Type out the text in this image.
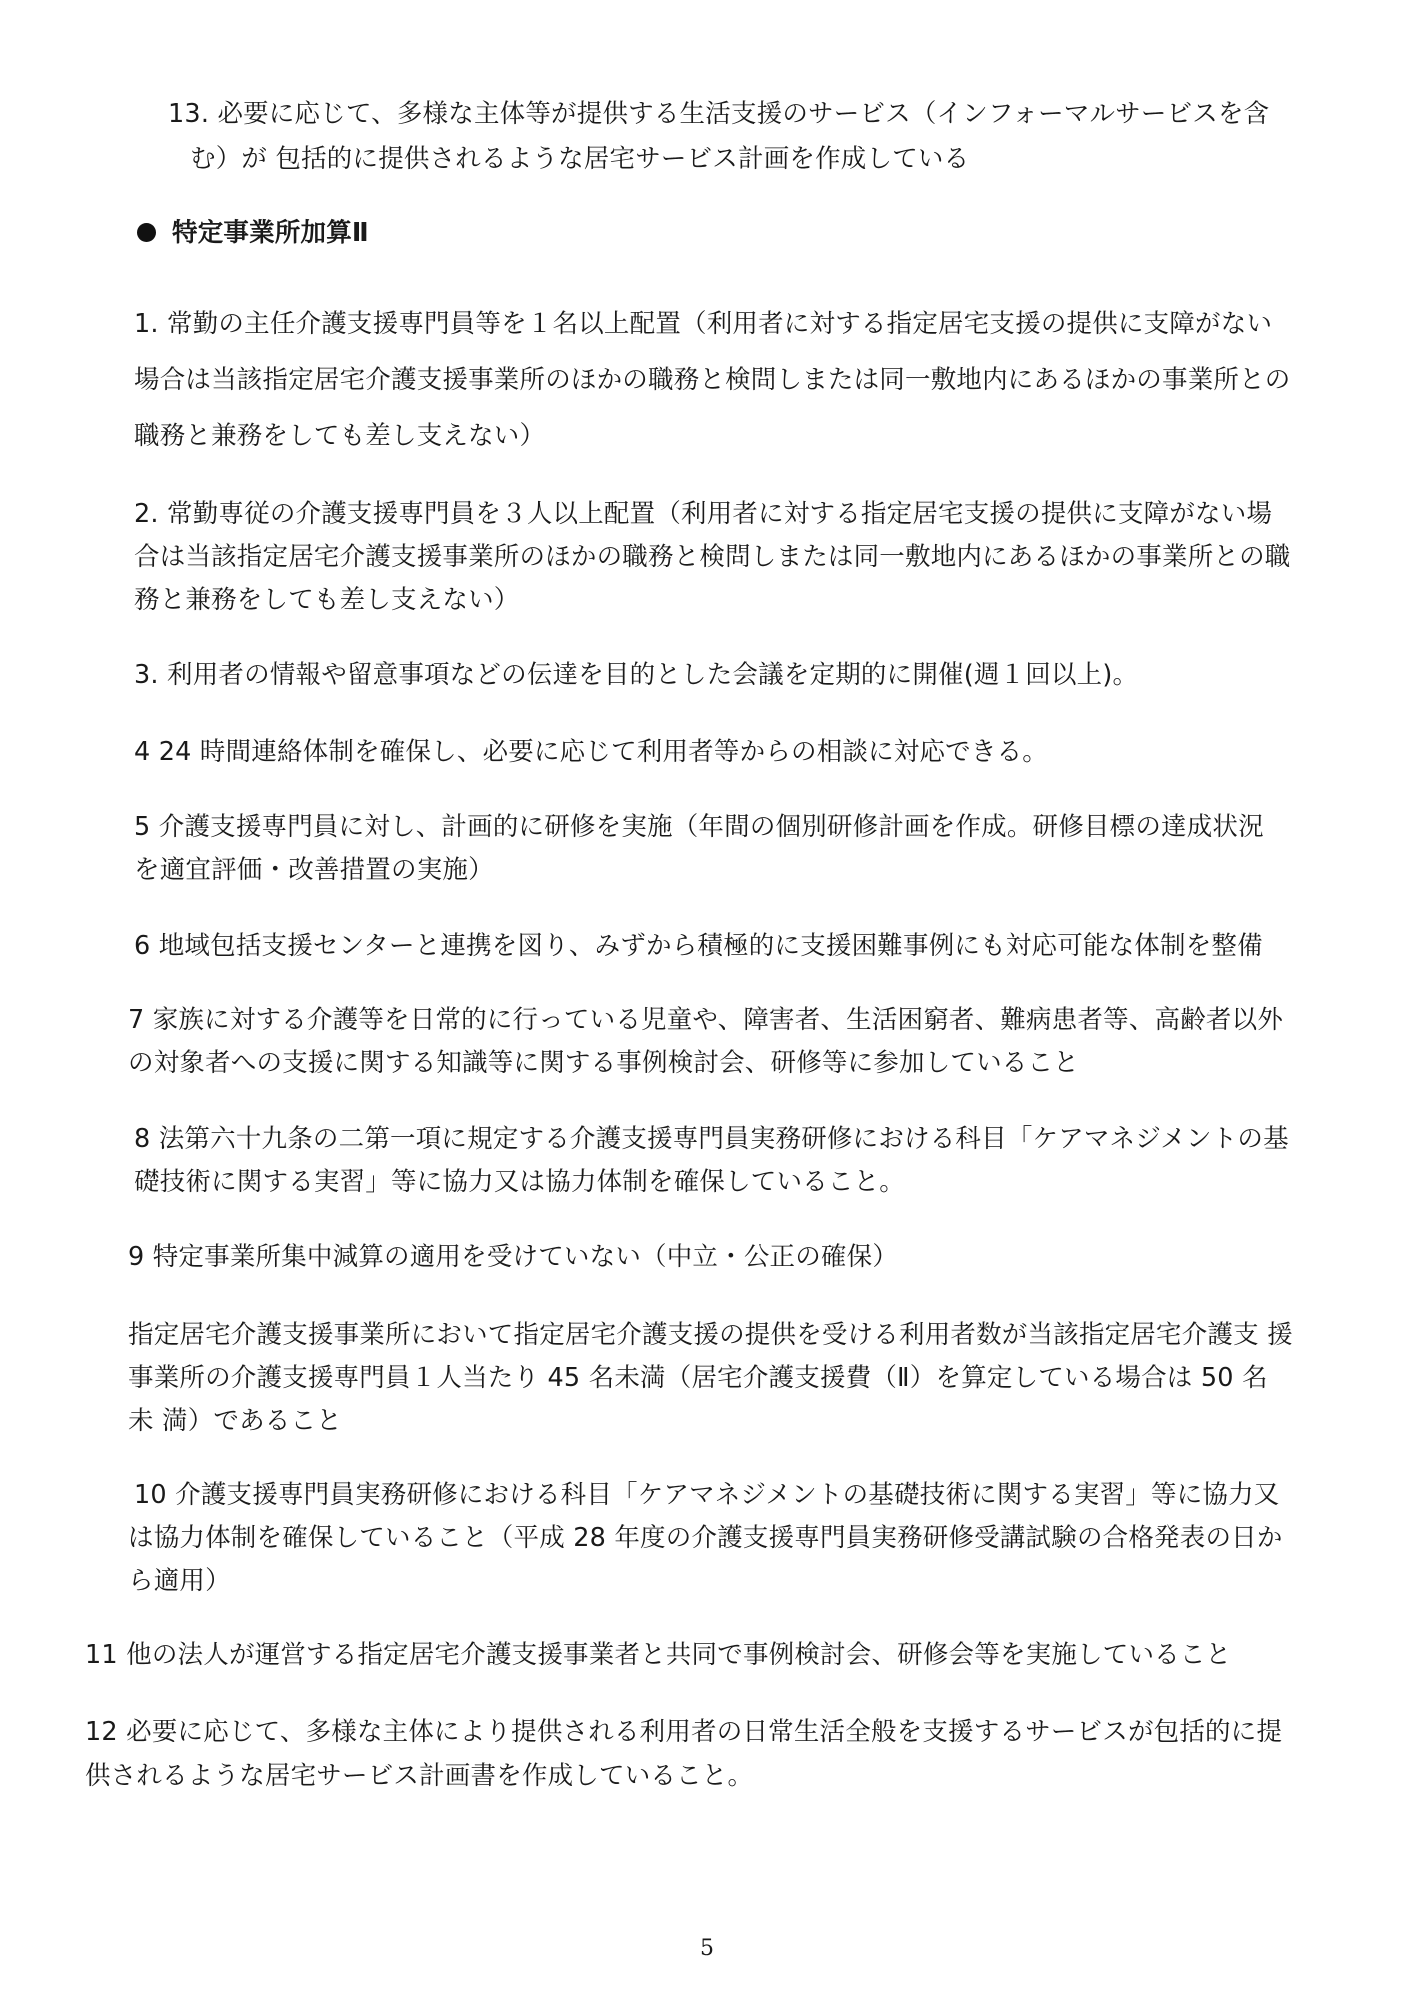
13. 必要に応じて、多様な主体等が提供する生活支援のサービス（インフォーマルサービスを含

む）が 包括的に提供されるような居宅サービス計画を作成している

特定事業所加算Ⅱ

1. 常勤の主任介護支援専門員等を１名以上配置（利用者に対する指定居宅支援の提供に支障がない

場合は当該指定居宅介護支援事業所のほかの職務と検問しまたは同一敷地内にあるほかの事業所との

職務と兼務をしても差し支えない）

2. 常勤専従の介護支援専門員を３人以上配置（利用者に対する指定居宅支援の提供に支障がない場

合は当該指定居宅介護支援事業所のほかの職務と検問しまたは同一敷地内にあるほかの事業所との職

務と兼務をしても差し支えない）

3. 利用者の情報や留意事項などの伝達を目的とした会議を定期的に開催(週１回以上)。

4 24 時間連絡体制を確保し、必要に応じて利用者等からの相談に対応できる。

5 介護支援専門員に対し、計画的に研修を実施（年間の個別研修計画を作成。研修目標の達成状況

を適宜評価・改善措置の実施）

6 地域包括支援センターと連携を図り、みずから積極的に支援困難事例にも対応可能な体制を整備

7 家族に対する介護等を日常的に行っている児童や、障害者、生活困窮者、難病患者等、高齢者以外

の対象者への支援に関する知識等に関する事例検討会、研修等に参加していること

8 法第六十九条の二第一項に規定する介護支援専門員実務研修における科目「ケアマネジメントの基

礎技術に関する実習」等に協力又は協力体制を確保していること。

9 特定事業所集中減算の適用を受けていない（中立・公正の確保）

指定居宅介護支援事業所において指定居宅介護支援の提供を受ける利用者数が当該指定居宅介護支 援

事業所の介護支援専門員１人当たり 45 名未満（居宅介護支援費（Ⅱ）を算定している場合は 50 名

未 満）であること

10 介護支援専門員実務研修における科目「ケアマネジメントの基礎技術に関する実習」等に協力又

は協力体制を確保していること（平成 28 年度の介護支援専門員実務研修受講試験の合格発表の日か

ら適用）

11 他の法人が運営する指定居宅介護支援事業者と共同で事例検討会、研修会等を実施していること

12 必要に応じて、多様な主体により提供される利用者の日常生活全般を支援するサービスが包括的に提

供されるような居宅サービス計画書を作成していること。

5
